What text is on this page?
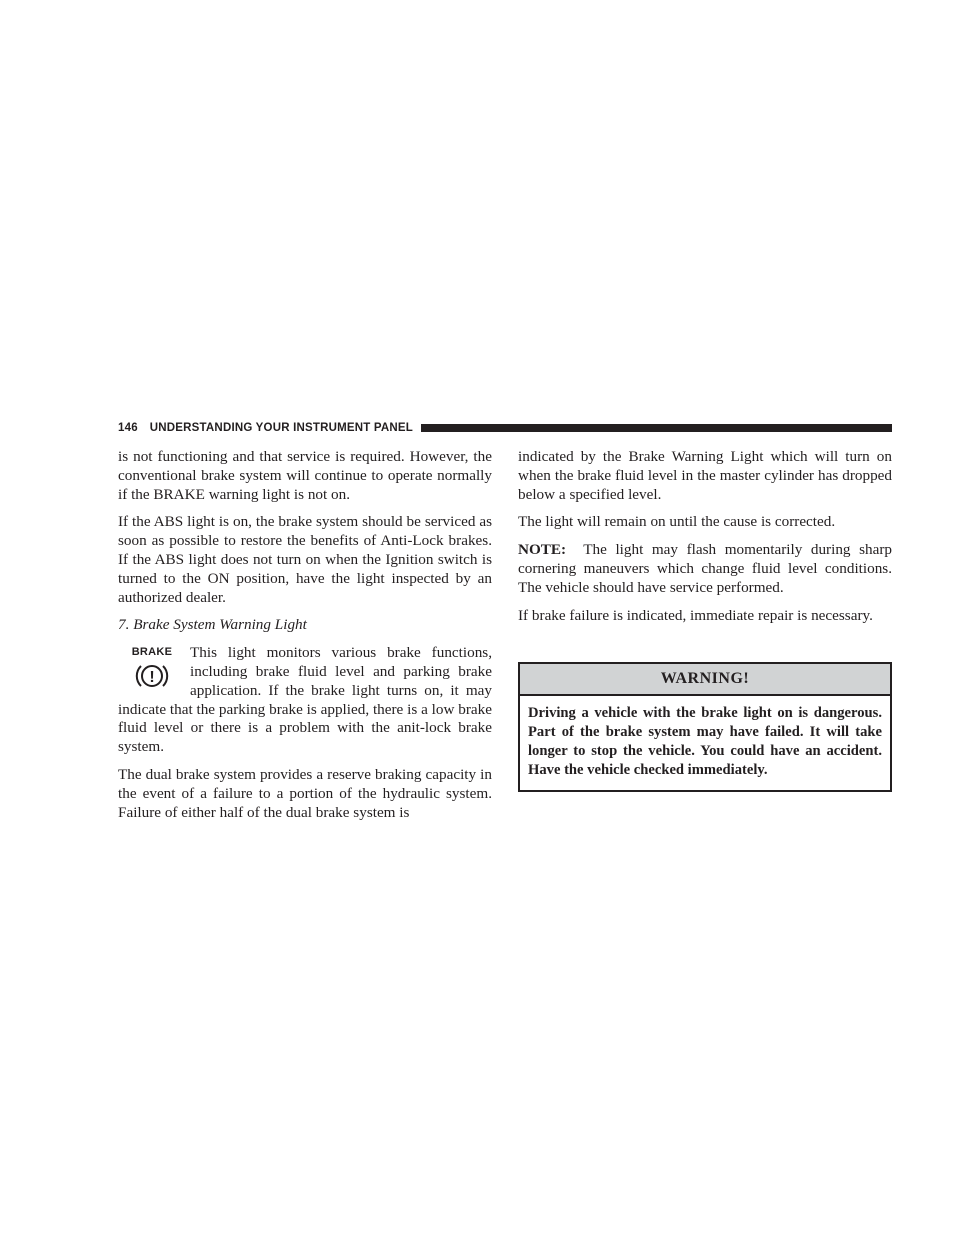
146 UNDERSTANDING YOUR INSTRUMENT PANEL

is not functioning and that service is required. However, the conventional brake system will continue to operate normally if the BRAKE warning light is not on.

If the ABS light is on, the brake system should be serviced as soon as possible to restore the benefits of Anti-Lock brakes. If the ABS light does not turn on when the Ignition switch is turned to the ON position, have the light inspected by an authorized dealer.

7. Brake System Warning Light

BRAKE
!

This light monitors various brake functions, including brake fluid level and parking brake application. If the brake light turns on, it may indicate that the parking brake is applied, there is a low brake fluid level or there is a problem with the anit-lock brake system.

The dual brake system provides a reserve braking capacity in the event of a failure to a portion of the hydraulic system. Failure of either half of the dual brake system is

indicated by the Brake Warning Light which will turn on when the brake fluid level in the master cylinder has dropped below a specified level.

The light will remain on until the cause is corrected.

NOTE: The light may flash momentarily during sharp cornering maneuvers which change fluid level conditions. The vehicle should have service performed.

If brake failure is indicated, immediate repair is necessary.

WARNING!
Driving a vehicle with the brake light on is dangerous. Part of the brake system may have failed. It will take longer to stop the vehicle. You could have an accident. Have the vehicle checked immediately.
